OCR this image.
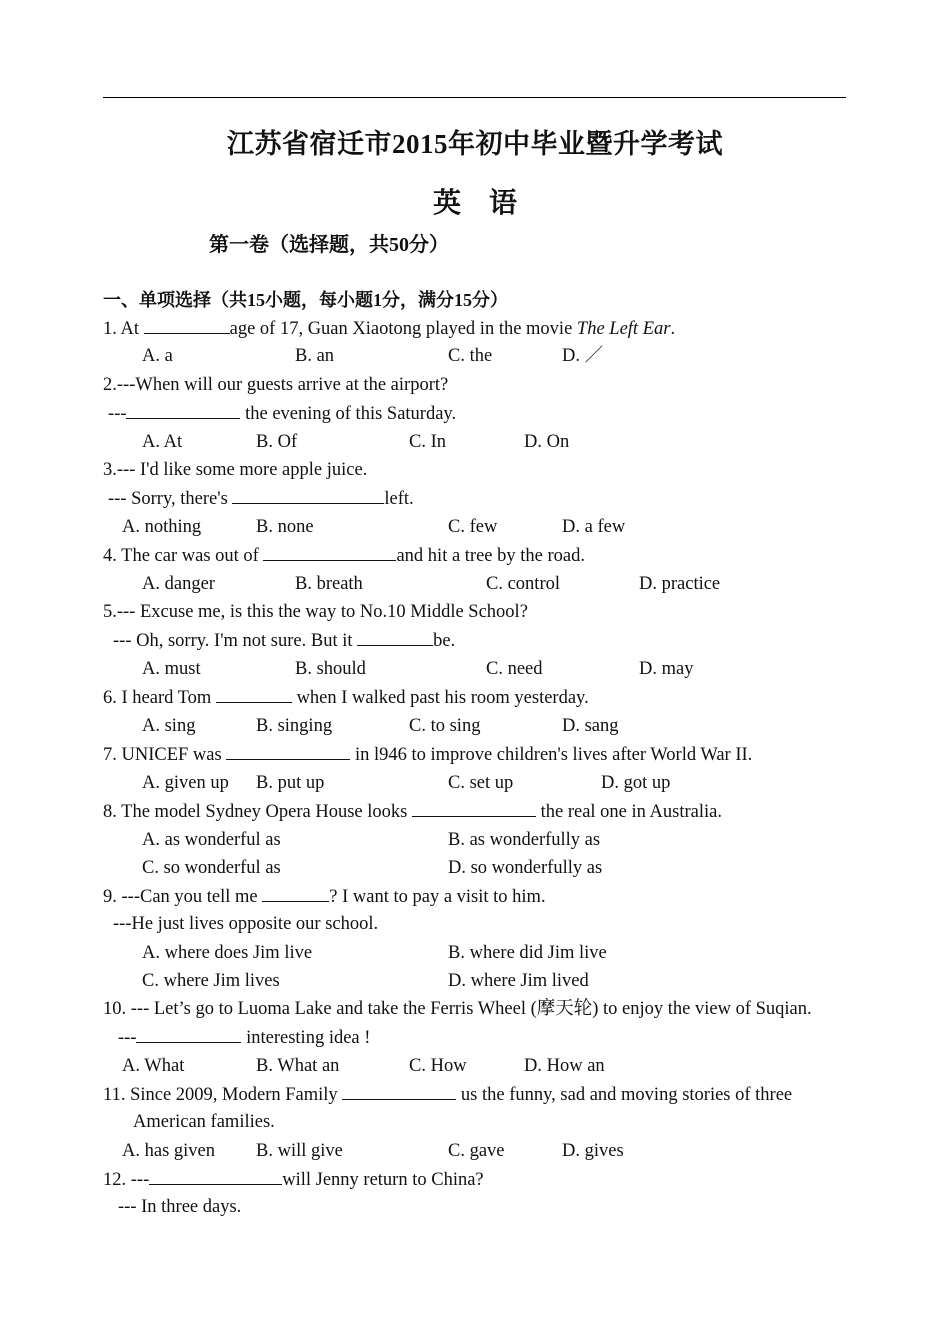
江苏省宿迁市2015年初中毕业暨升学考试
英　语
第一卷（选择题，共50分）
一、单项选择（共15小题，每小题1分，满分15分）
1. At	age of 17, Guan Xiaotong played in the movie The Left Ear.
A. a	B. an	C. the	D. ／
2.---When will our guests arrive at the airport?
---	the evening of this Saturday.
A. At	B. Of	C. In	D. On
3.--- I'd like some more apple juice.
--- Sorry, there's	left.
A. nothing	B. none	C. few	D. a few
4. The car was out of	and hit a tree by the road.
A. danger	B. breath	C. control	D. practice
5.--- Excuse me, is this the way to No.10 Middle School?
--- Oh, sorry. I'm not sure. But it	be.
A. must	B. should	C. need	D. may
6. I heard Tom	when I walked past his room yesterday.
A. sing	B. singing	C. to sing	D. sang
7. UNICEF was	in l946 to improve children's lives after World War II.
A. given up B. put up	C. set up	D. got up
8. The model Sydney Opera House looks	the real one in Australia.
A. as wonderful as	B. as wonderfully as
C. so wonderful as	D. so wonderfully as
9. ---Can you tell me	? I want to pay a visit to him.
---He just lives opposite our school.
A. where does Jim live	B. where did Jim live
C. where Jim lives	D. where Jim lived
10. --- Let’s go to Luoma Lake and take the Ferris Wheel (摩天轮) to enjoy the view of Suqian.
---	interesting idea !
A. What	B. What an	C. How	D. How an
11. Since 2009, Modern Family	us the funny, sad and moving stories of three
American families.
A. has given B. will give	C. gave	D. gives
12. ---	will Jenny return to China?
--- In three days.
